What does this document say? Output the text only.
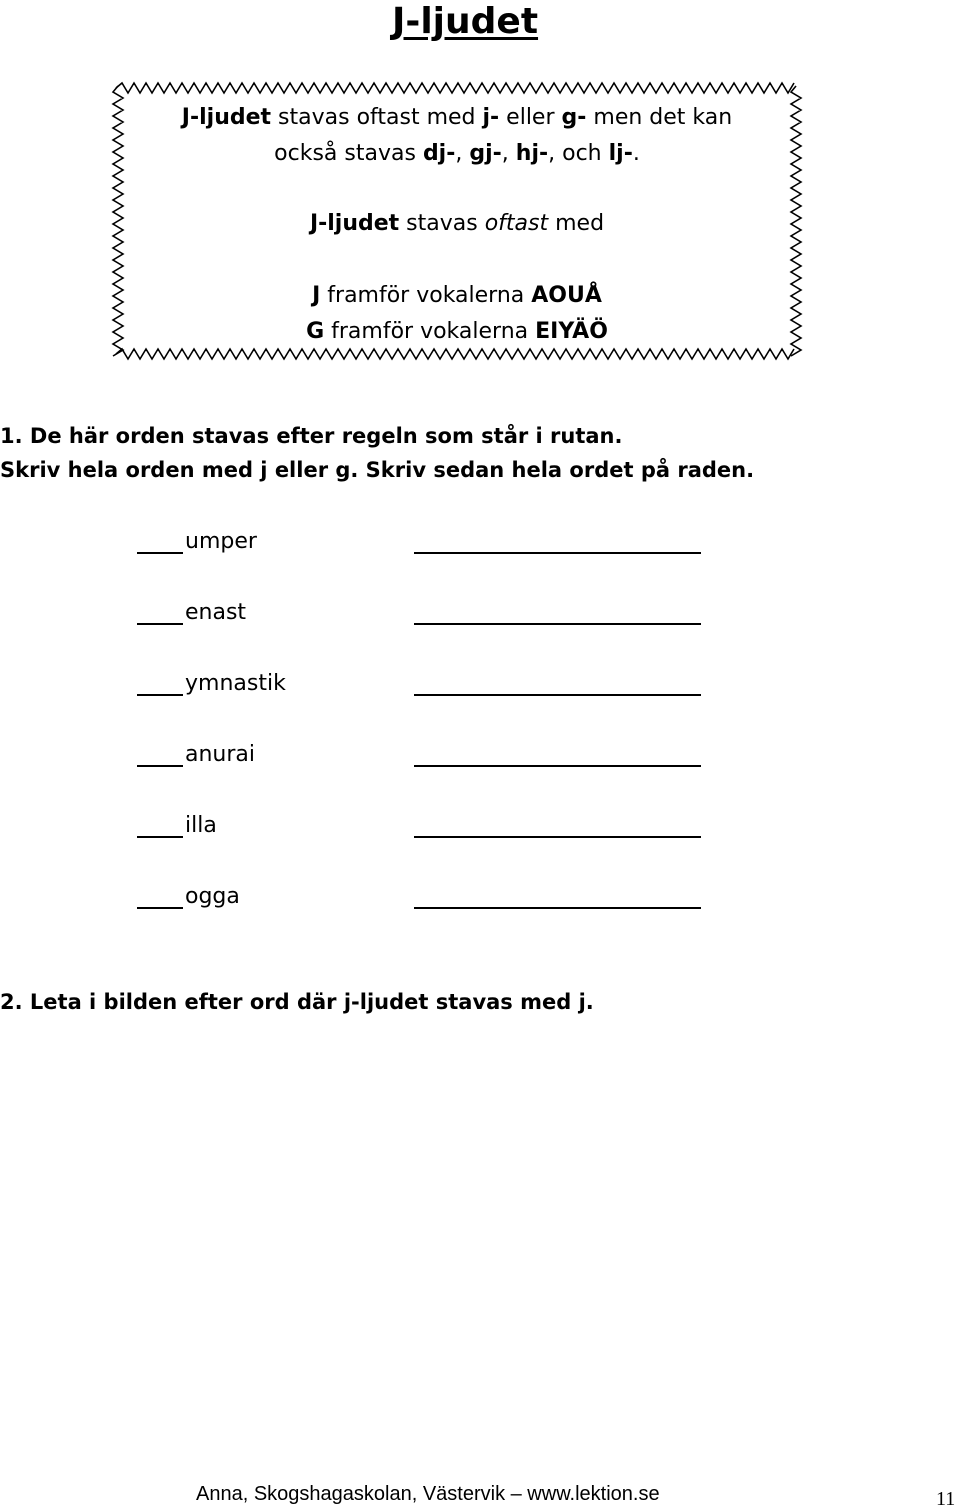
J-ljudet
J-ljudet stavas oftast med j- eller g- men det kan
också stavas dj-, gj-, hj-, och lj-.
J-ljudet stavas oftast med
J framför vokalerna AOUÅ
G framför vokalerna EIYÄÖ
1. De här orden stavas efter regeln som står i rutan.
Skriv hela orden med j eller g. Skriv sedan hela ordet på raden.
umper
enast
ymnastik
anurai
illa
ogga
2. Leta i bilden efter ord där j-ljudet stavas med j.
Anna, Skogshagaskolan, Västervik – www.lektion.se	11
